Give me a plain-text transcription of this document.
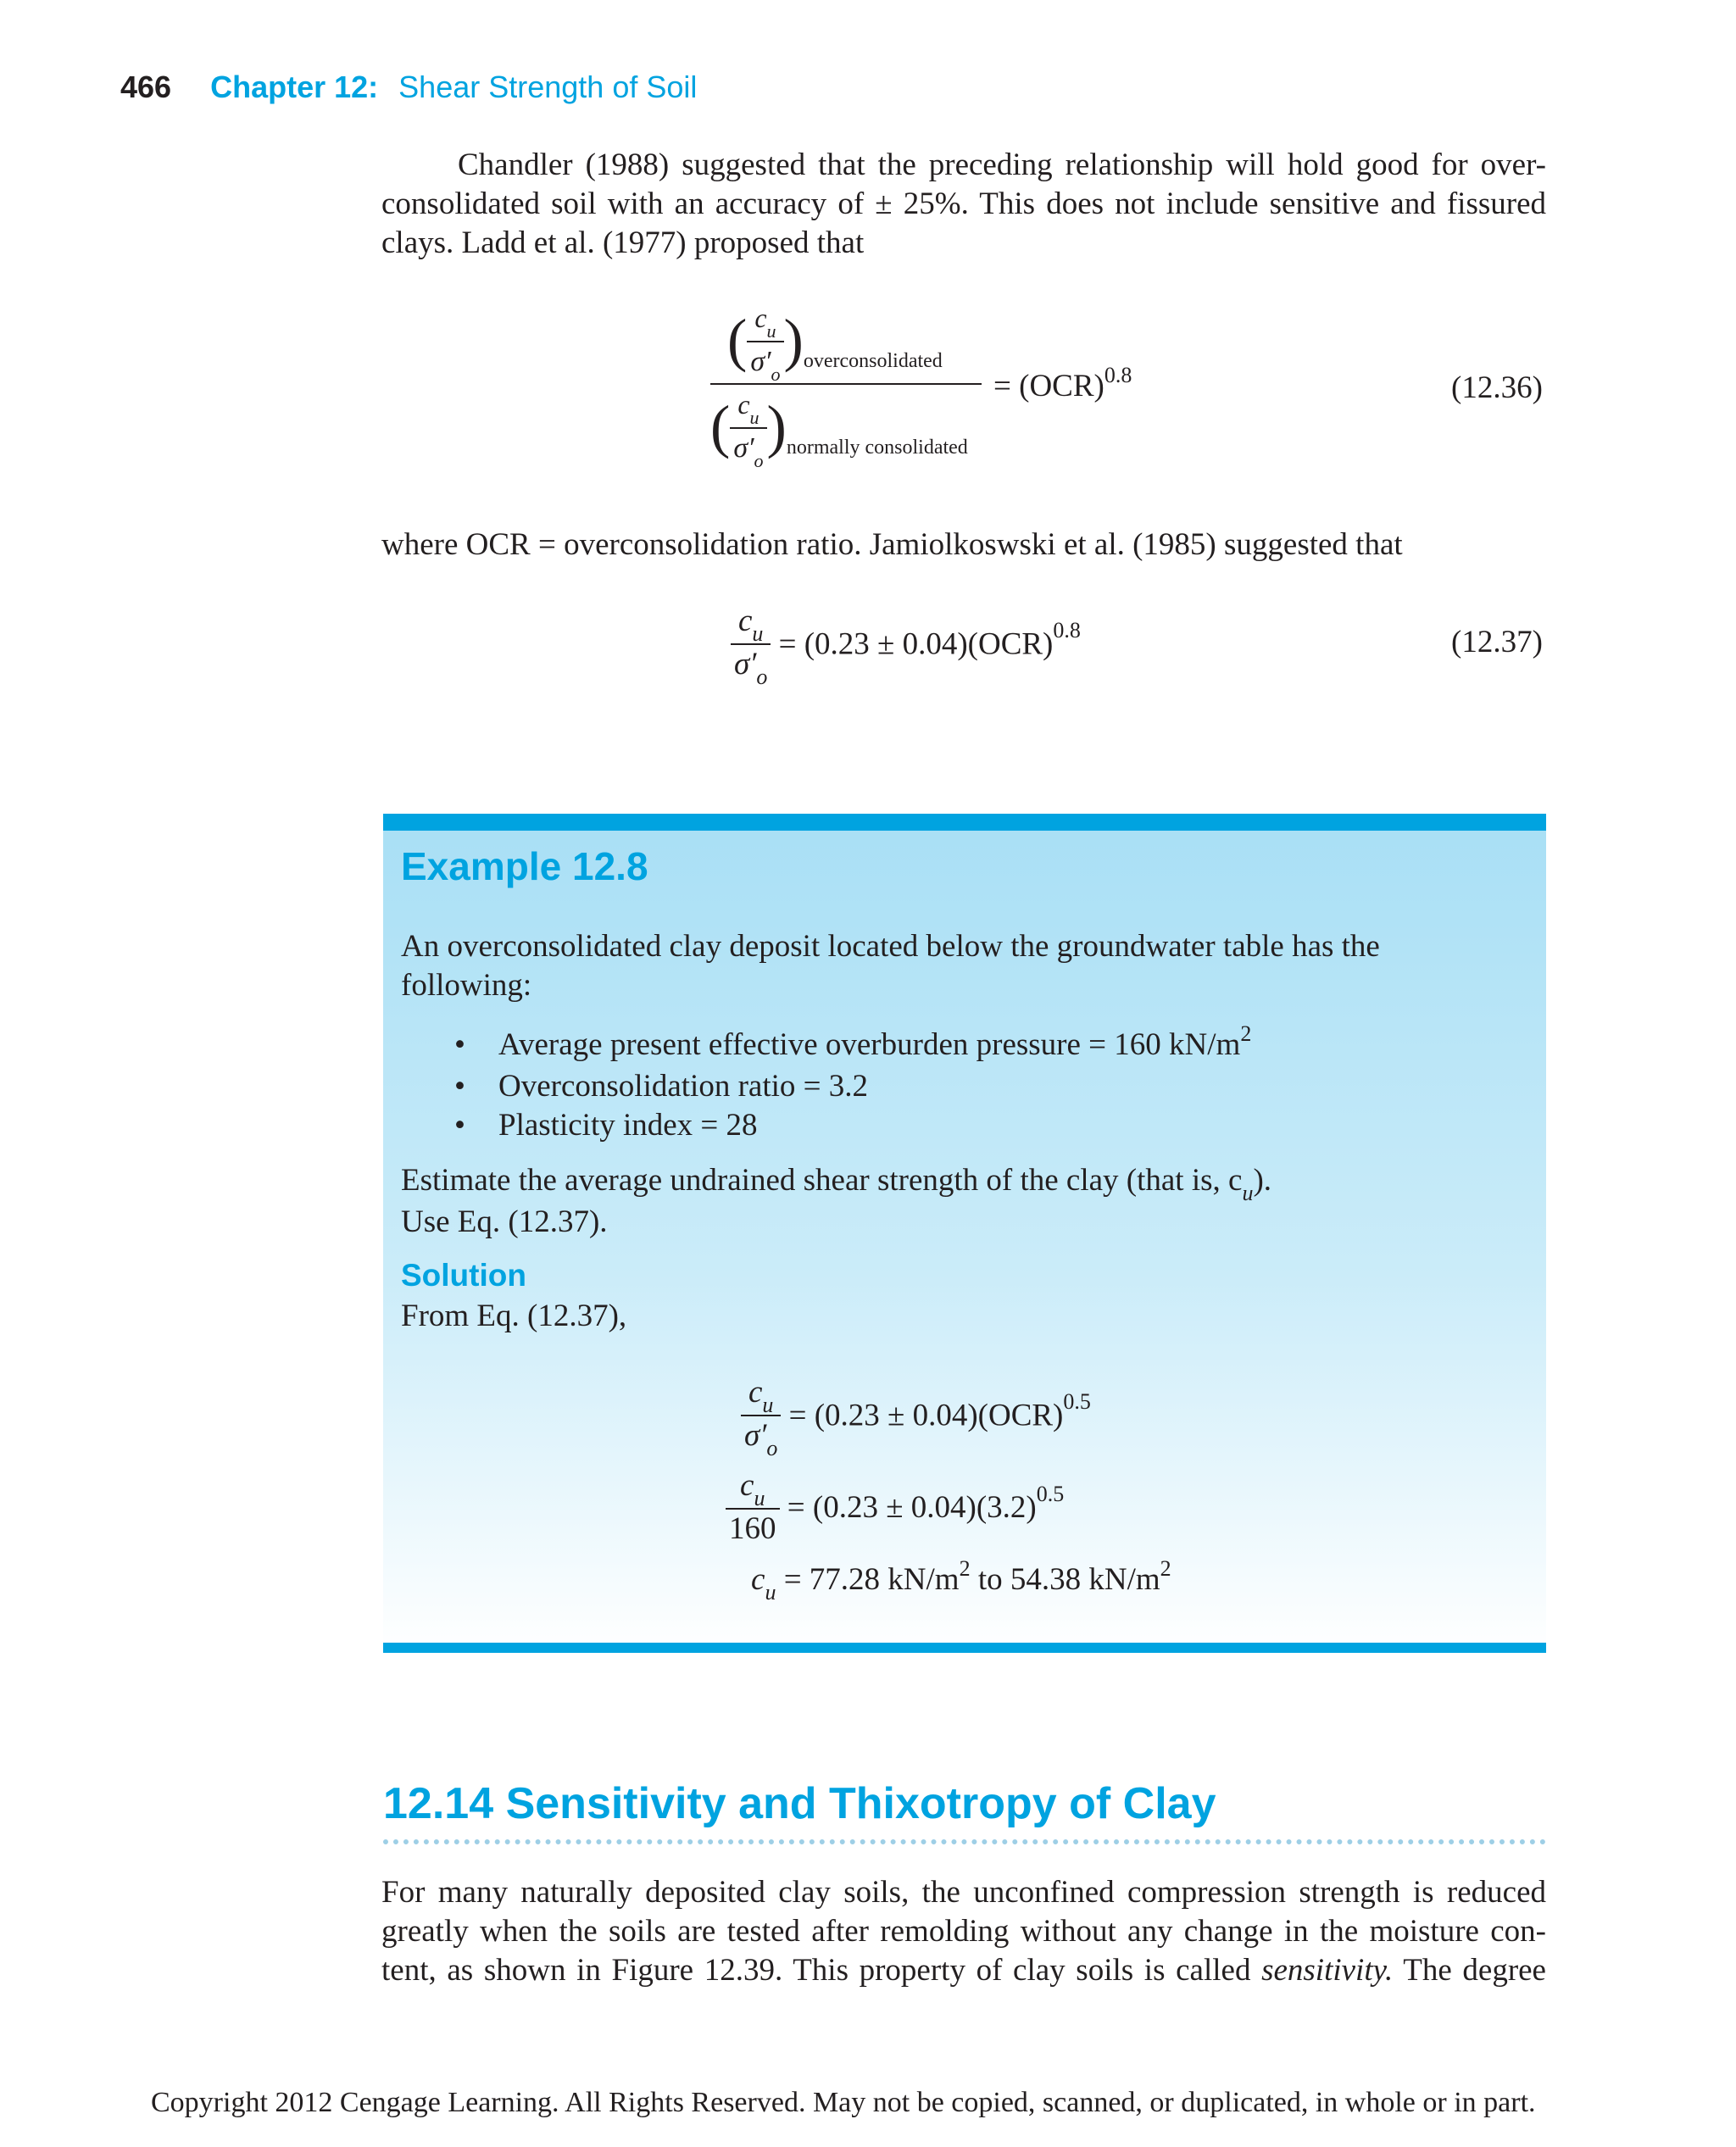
466 Chapter 12: Shear Strength of Soil
Chandler (1988) suggested that the preceding relationship will hold good for over-
consolidated soil with an accuracy of ± 25%. This does not include sensitive and fissured
clays. Ladd et al. (1977) proposed that
$\frac{( \frac{c_u}{\sigma'_o} )_{overconsolidated}}{( \frac{c_u}{\sigma'_o} )_{normally consolidated}} = (OCR)^{0.8}$	(12.36)
where OCR = overconsolidation ratio. Jamiolkoswski et al. (1985) suggested that
$\frac{c_u}{\sigma'_o} = (0.23 \pm 0.04)(OCR)^{0.8}$	(12.37)
Example 12.8
An overconsolidated clay deposit located below the groundwater table has the
following:
• Average present effective overburden pressure = 160 $kN/m^2$
• Overconsolidation ratio = 3.2
• Plasticity index = 28
Estimate the average undrained shear strength of the clay (that is, $c_u$).
Use Eq. (12.37).
Solution
From Eq. (12.37),
$\frac{c_u}{\sigma'_o} = (0.23 \pm 0.04)(OCR)^{0.5}$
$\frac{c_u}{160} = (0.23 \pm 0.04)(3.2)^{0.5}$
$c_u = 77.28$ $kN/m^2$ to 54.38 $kN/m^2$
12.14 Sensitivity and Thixotropy of Clay
For many naturally deposited clay soils, the unconfined compression strength is reduced
greatly when the soils are tested after remolding without any change in the moisture con-
tent, as shown in Figure 12.39. This property of clay soils is called sensitivity. The degree
Copyright 2012 Cengage Learning. All Rights Reserved. May not be copied, scanned, or duplicated, in whole or in part.
